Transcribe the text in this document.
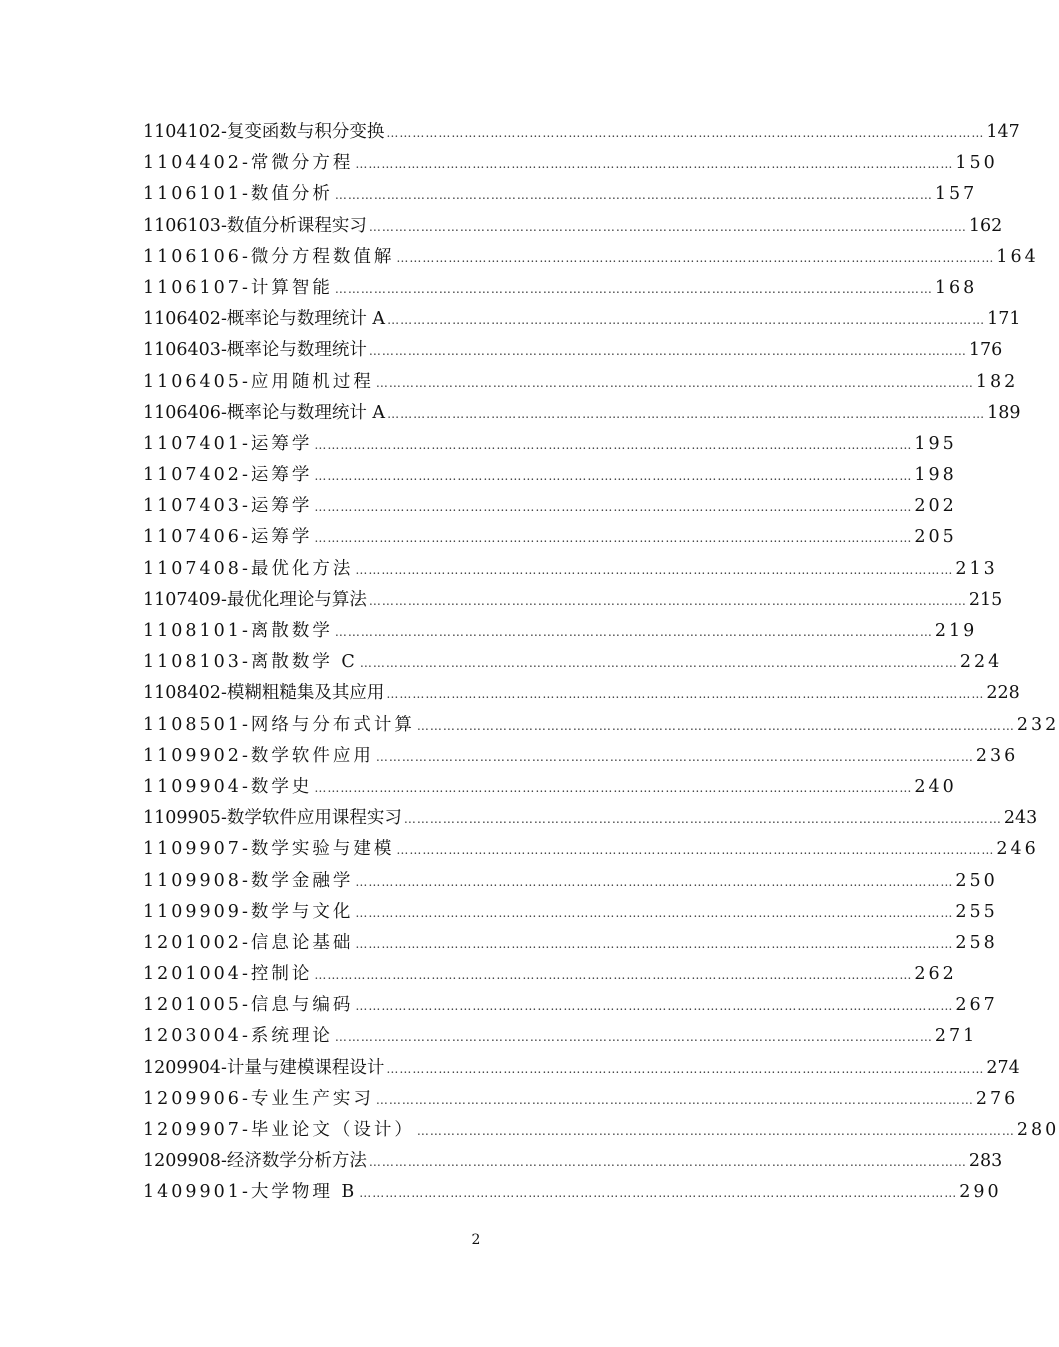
1104102-复变函数与积分变换 ………………………………………………………………………………………………………………………… 147
1104402-常微分方程 ………………………………………………………………………………………………………………………… 150
1106101-数值分析 ………………………………………………………………………………………………………………………… 157
1106103-数值分析课程实习 ………………………………………………………………………………………………………………………… 162
1106106-微分方程数值解 ………………………………………………………………………………………………………………………… 164
1106107-计算智能 ………………………………………………………………………………………………………………………… 168
1106402-概率论与数理统计 A ………………………………………………………………………………………………………………………… 171
1106403-概率论与数理统计 ………………………………………………………………………………………………………………………… 176
1106405-应用随机过程 ………………………………………………………………………………………………………………………… 182
1106406-概率论与数理统计 A ………………………………………………………………………………………………………………………… 189
1107401-运筹学 ………………………………………………………………………………………………………………………… 195
1107402-运筹学 ………………………………………………………………………………………………………………………… 198
1107403-运筹学 ………………………………………………………………………………………………………………………… 202
1107406-运筹学 ………………………………………………………………………………………………………………………… 205
1107408-最优化方法 ………………………………………………………………………………………………………………………… 213
1107409-最优化理论与算法 ………………………………………………………………………………………………………………………… 215
1108101-离散数学 ………………………………………………………………………………………………………………………… 219
1108103-离散数学 C ………………………………………………………………………………………………………………………… 224
1108402-模糊粗糙集及其应用 ………………………………………………………………………………………………………………………… 228
1108501-网络与分布式计算 ………………………………………………………………………………………………………………………… 232
1109902-数学软件应用 ………………………………………………………………………………………………………………………… 236
1109904-数学史 ………………………………………………………………………………………………………………………… 240
1109905-数学软件应用课程实习 ………………………………………………………………………………………………………………………… 243
1109907-数学实验与建模 ………………………………………………………………………………………………………………………… 246
1109908-数学金融学 ………………………………………………………………………………………………………………………… 250
1109909-数学与文化 ………………………………………………………………………………………………………………………… 255
1201002-信息论基础 ………………………………………………………………………………………………………………………… 258
1201004-控制论 ………………………………………………………………………………………………………………………… 262
1201005-信息与编码 ………………………………………………………………………………………………………………………… 267
1203004-系统理论 ………………………………………………………………………………………………………………………… 271
1209904-计量与建模课程设计 ………………………………………………………………………………………………………………………… 274
1209906-专业生产实习 ………………………………………………………………………………………………………………………… 276
1209907-毕业论文（设计） ………………………………………………………………………………………………………………………… 280
1209908-经济数学分析方法 ………………………………………………………………………………………………………………………… 283
1409901-大学物理 B ………………………………………………………………………………………………………………………… 290
2
